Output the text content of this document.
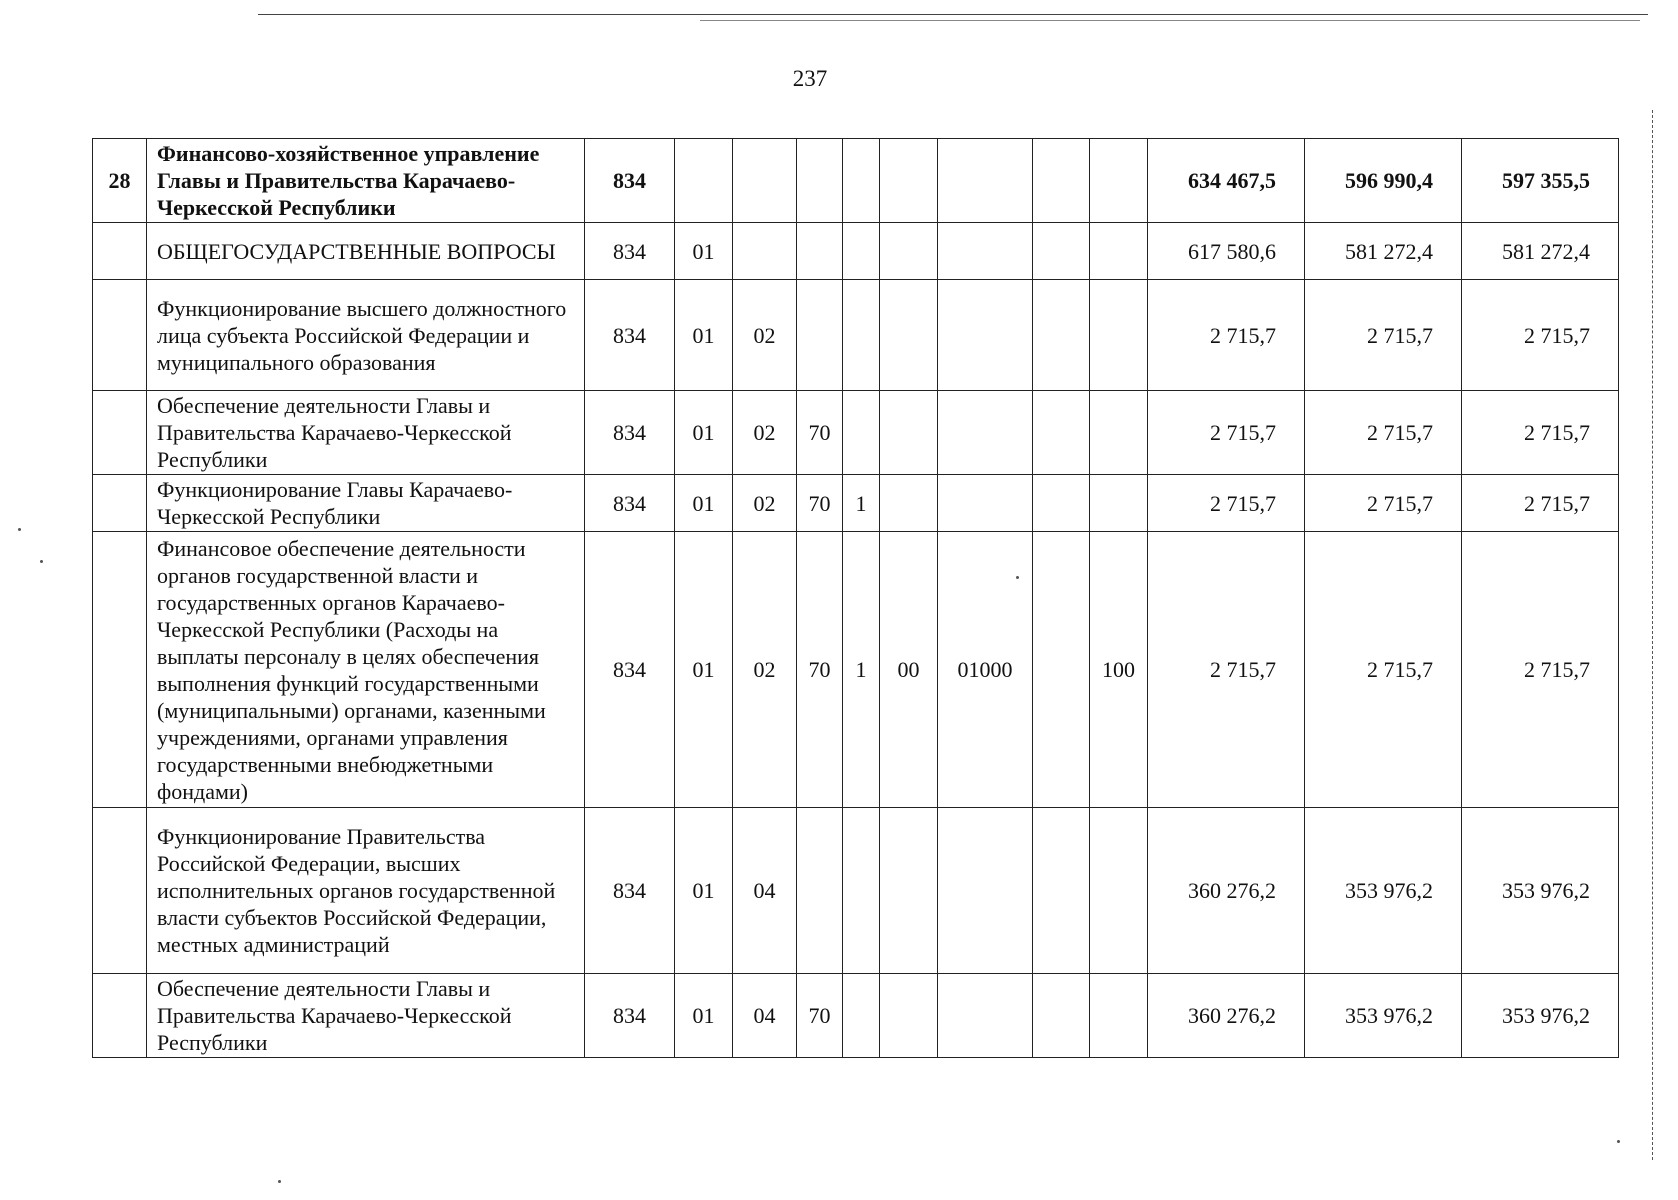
237
28	Финансово-хозяйственное управление Главы и Правительства Карачаево-Черкесской Республики	834									634 467,5	596 990,4	597 355,5
	ОБЩЕГОСУДАРСТВЕННЫЕ ВОПРОСЫ	834	01								617 580,6	581 272,4	581 272,4
	Функционирование высшего должностного лица субъекта Российской Федерации и муниципального образования	834	01	02							2 715,7	2 715,7	2 715,7
	Обеспечение деятельности Главы и Правительства Карачаево-Черкесской Республики	834	01	02	70						2 715,7	2 715,7	2 715,7
	Функционирование Главы Карачаево-Черкесской Республики	834	01	02	70	1					2 715,7	2 715,7	2 715,7
	Финансовое обеспечение деятельности органов государственной власти и государственных органов Карачаево-Черкесской Республики (Расходы на выплаты персоналу в целях обеспечения выполнения функций государственными (муниципальными) органами, казенными учреждениями, органами управления государственными внебюджетными фондами)	834	01	02	70	1	00	01000		100	2 715,7	2 715,7	2 715,7
	Функционирование Правительства Российской Федерации, высших исполнительных органов государственной власти субъектов Российской Федерации, местных администраций	834	01	04							360 276,2	353 976,2	353 976,2
	Обеспечение деятельности Главы и Правительства Карачаево-Черкесской Республики	834	01	04	70						360 276,2	353 976,2	353 976,2
